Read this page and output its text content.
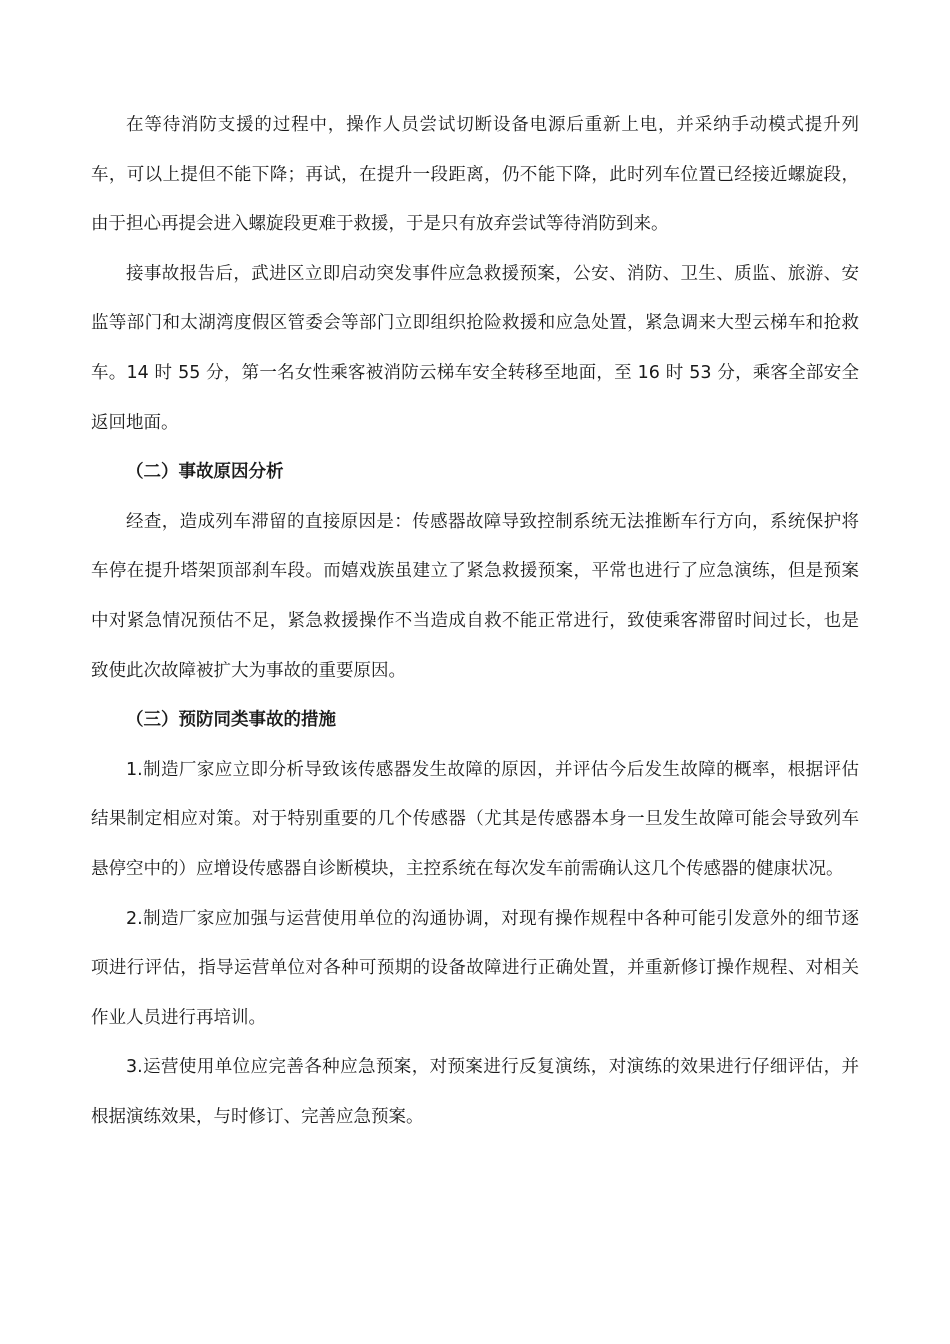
在等待消防支援的过程中，操作人员尝试切断设备电源后重新上电，并采纳手动模式提升列车，可以上提但不能下降；再试，在提升一段距离，仍不能下降，此时列车位置已经接近螺旋段，由于担心再提会进入螺旋段更难于救援，于是只有放弃尝试等待消防到来。

接事故报告后，武进区立即启动突发事件应急救援预案，公安、消防、卫生、质监、旅游、安监等部门和太湖湾度假区管委会等部门立即组织抢险救援和应急处置，紧急调来大型云梯车和抢救车。14 时 55 分，第一名女性乘客被消防云梯车安全转移至地面，至 16 时 53 分，乘客全部安全返回地面。

（二）事故原因分析

经查，造成列车滞留的直接原因是：传感器故障导致控制系统无法推断车行方向，系统保护将车停在提升塔架顶部刹车段。而嬉戏族虽建立了紧急救援预案，平常也进行了应急演练，但是预案中对紧急情况预估不足，紧急救援操作不当造成自救不能正常进行，致使乘客滞留时间过长，也是致使此次故障被扩大为事故的重要原因。

（三）预防同类事故的措施

1.制造厂家应立即分析导致该传感器发生故障的原因，并评估今后发生故障的概率，根据评估结果制定相应对策。对于特别重要的几个传感器（尤其是传感器本身一旦发生故障可能会导致列车悬停空中的）应增设传感器自诊断模块，主控系统在每次发车前需确认这几个传感器的健康状况。

2.制造厂家应加强与运营使用单位的沟通协调，对现有操作规程中各种可能引发意外的细节逐项进行评估，指导运营单位对各种可预期的设备故障进行正确处置，并重新修订操作规程、对相关作业人员进行再培训。

3.运营使用单位应完善各种应急预案，对预案进行反复演练，对演练的效果进行仔细评估，并根据演练效果，与时修订、完善应急预案。
